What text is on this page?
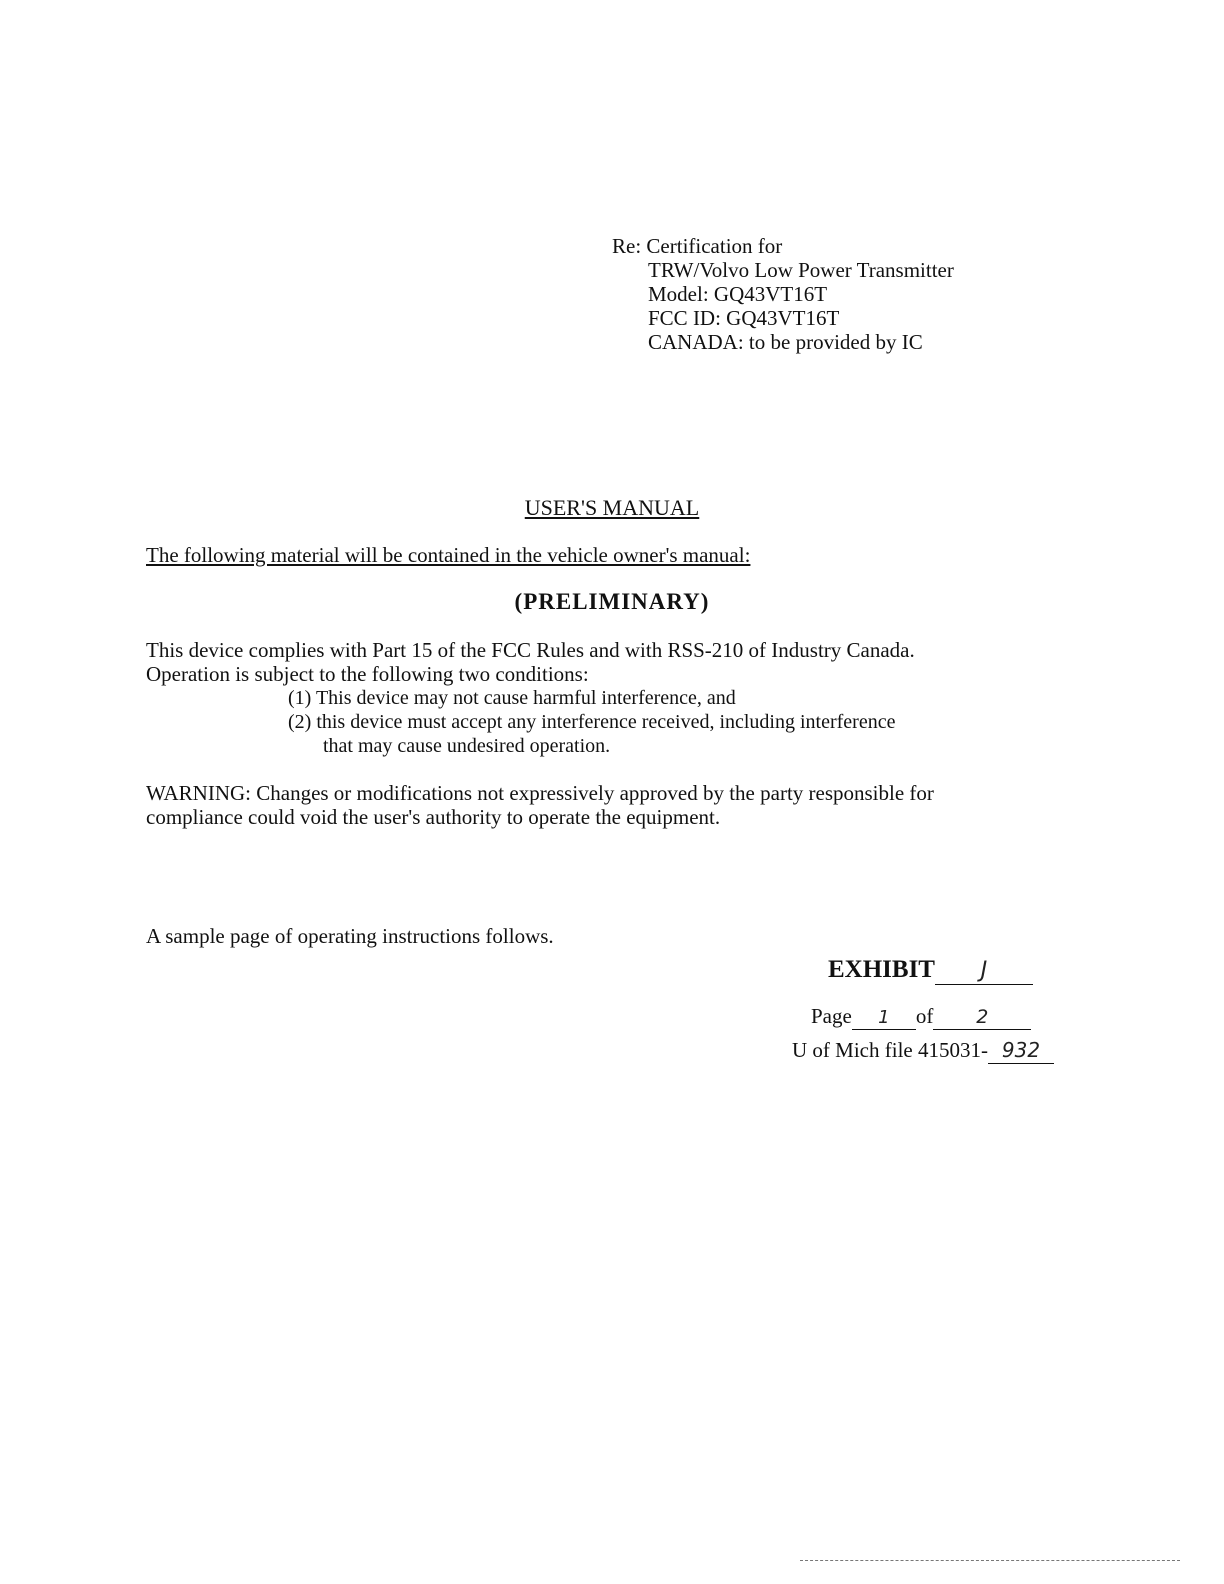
Re: Certification for
TRW/Volvo Low Power Transmitter
Model: GQ43VT16T
FCC ID: GQ43VT16T
CANADA: to be provided by IC
USER'S MANUAL
The following material will be contained in the vehicle owner's manual:
(PRELIMINARY)
This device complies with Part 15 of the FCC Rules and with RSS-210 of Industry Canada.
Operation is subject to the following two conditions:
(1) This device may not cause harmful interference, and
(2) this device must accept any interference received, including interference
that may cause undesired operation.
WARNING: Changes or modifications not expressively approved by the party responsible for
compliance could void the user's authority to operate the equipment.
A sample page of operating instructions follows.
EXHIBIT J
Page 1 of 2
U of Mich file 415031- 932
